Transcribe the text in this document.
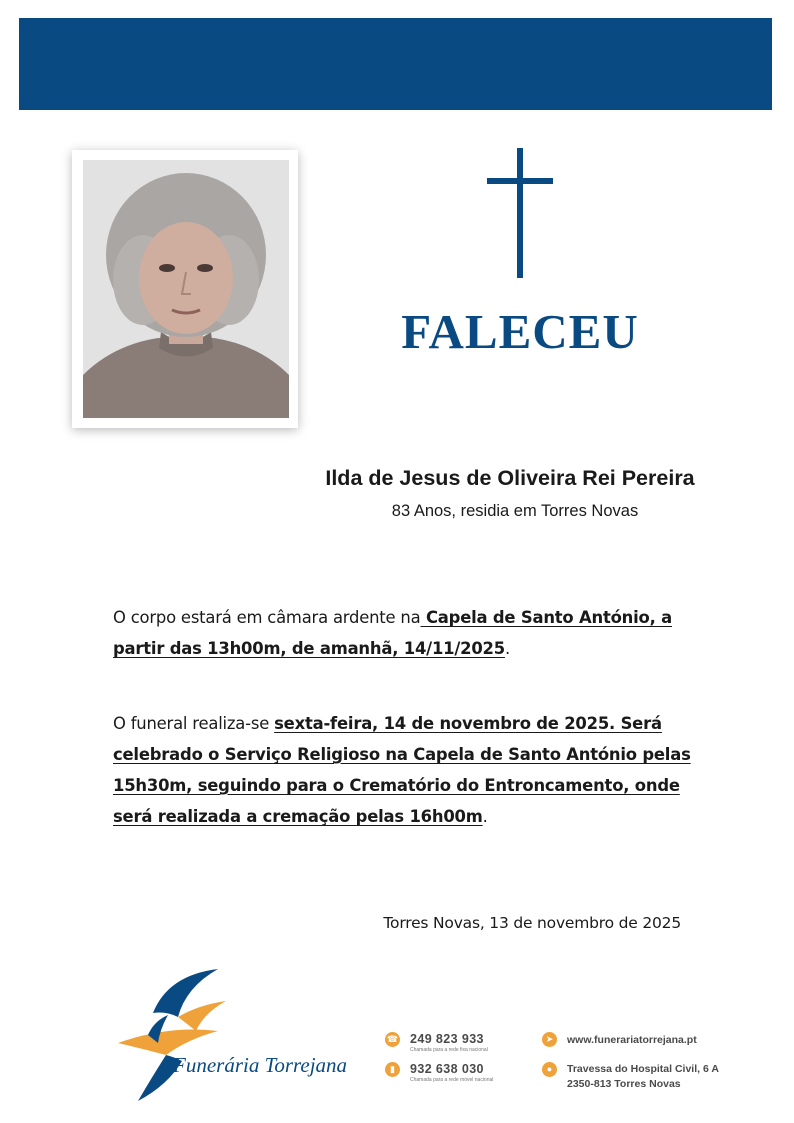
FALECEU
Ilda de Jesus de Oliveira Rei Pereira
83 Anos, residia em Torres Novas
O corpo estará em câmara ardente na Capela de Santo António, a partir das 13h00m, de amanhã, 14/11/2025.
O funeral realiza-se sexta-feira, 14 de novembro de 2025. Será celebrado o Serviço Religioso na Capela de Santo António pelas 15h30m, seguindo para o Crematório do Entroncamento, onde será realizada a cremação pelas 16h00m.
Torres Novas, 13 de novembro de 2025
Funerária Torrejana
☎ 249 823 933
Chamada para a rede fixa nacional
▮	932 638 030
Chamada para a rede móvel nacional
➤	www.funerariatorrejana.pt
●	Travessa do Hospital Civil, 6 A
2350-813 Torres Novas
